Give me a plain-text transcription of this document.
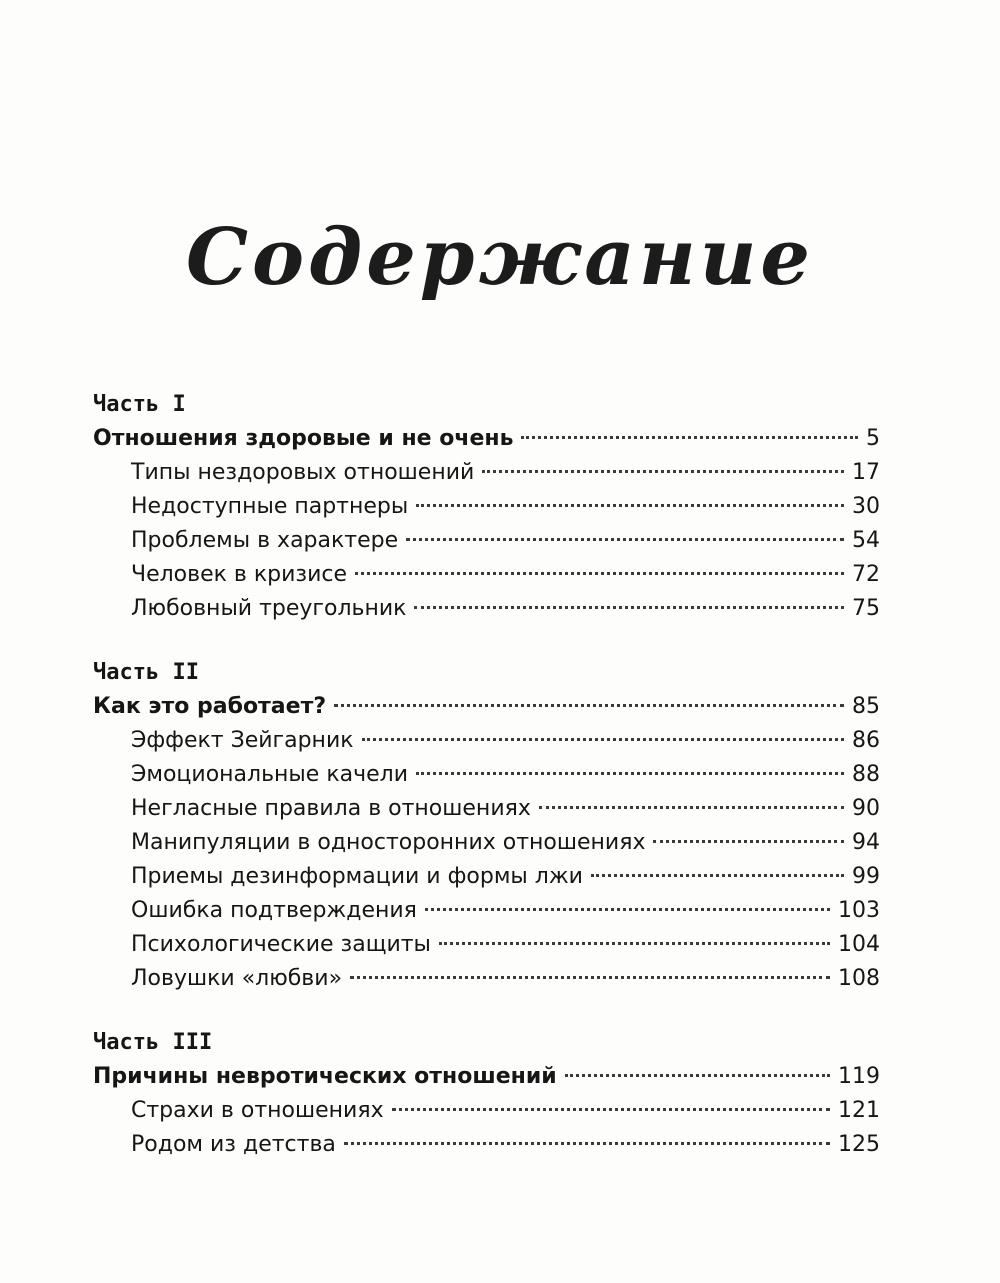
Содержание
Часть I
Отношения здоровые и не очень	5
Типы нездоровых отношений	17
Недоступные партнеры	30
Проблемы в характере	54
Человек в кризисе	72
Любовный треугольник	75
Часть II
Как это работает?	85
Эффект Зейгарник	86
Эмоциональные качели	88
Негласные правила в отношениях	90
Манипуляции в односторонних отношениях	94
Приемы дезинформации и формы лжи	99
Ошибка подтверждения	103
Психологические защиты	104
Ловушки «любви»	108
Часть III
Причины невротических отношений	119
Страхи в отношениях	121
Родом из детства	125
